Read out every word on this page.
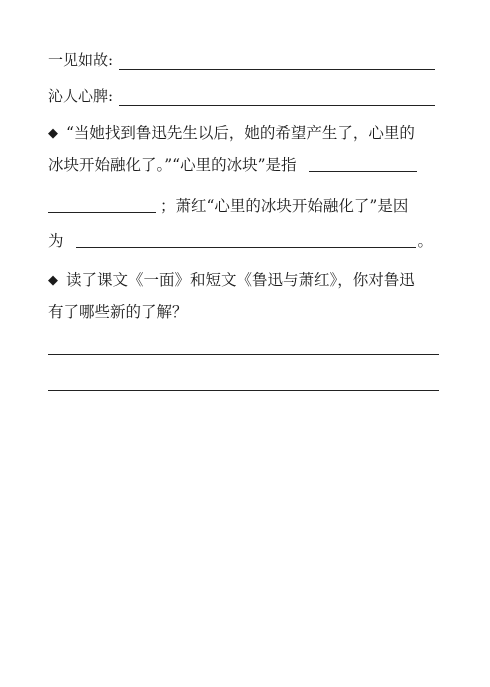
一见如故 :
沁人心脾 :
◆ “当她找到鲁迅先生以后，她的希望产生了，心里的
冰块开始融化了。”“心里的冰块”是指
；萧红“心里的冰块开始融化了”是因
为	。
◆ 读了课文《一面》和短文《鲁迅与萧红》，你对鲁迅
有了哪些新的了解？
